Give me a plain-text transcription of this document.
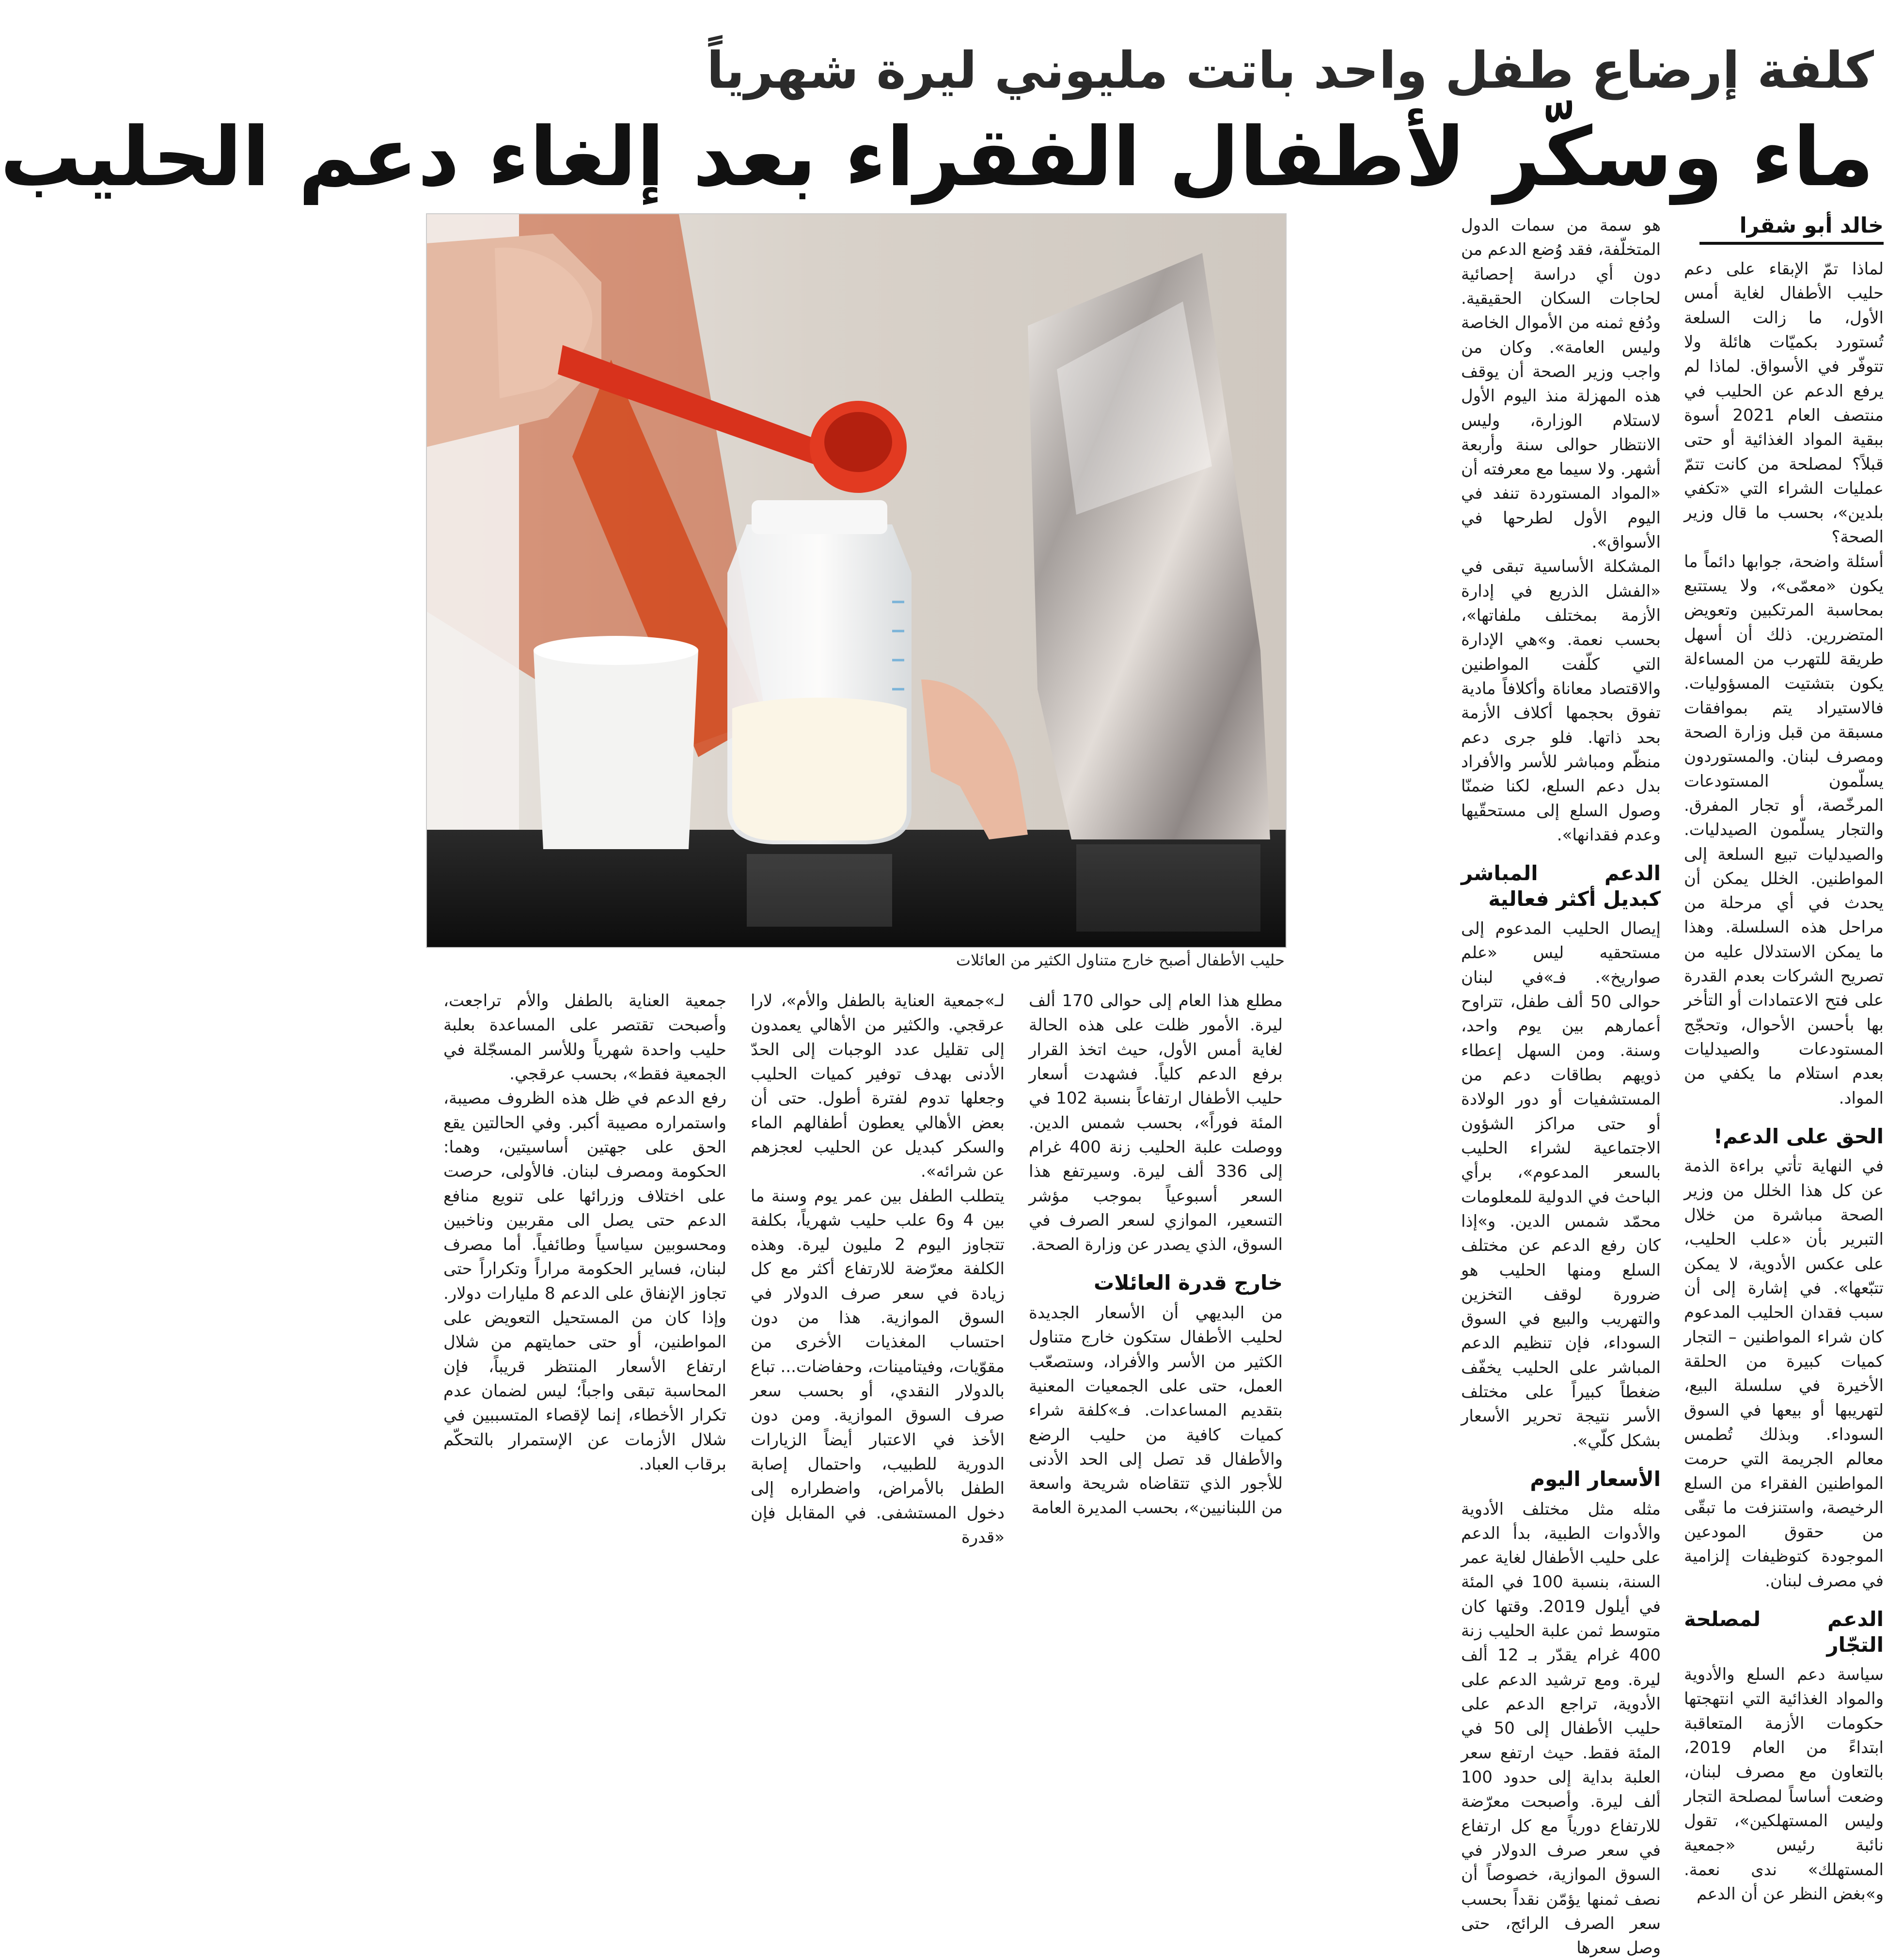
كلفة إرضاع طفل واحد باتت مليوني ليرة شهرياً
ماء وسكّر لأطفال الفقراء بعد إلغاء دعم الحليب
خالد أبو شقرا

لماذا تمّ الإبقاء على دعم حليب الأطفال لغاية أمس الأول، ما زالت السلعة تُستورد بكميّات هائلة ولا تتوفّر في الأسواق. لماذا لم يرفع الدعم عن الحليب في منتصف العام 2021 أسوة ببقية المواد الغذائية أو حتى قبلاً؟ لمصلحة من كانت تتمّ عمليات الشراء التي «تكفي بلدين»، بحسب ما قال وزير الصحة؟

أسئلة واضحة، جوابها دائماً ما يكون «معمّى»، ولا يستتبع بمحاسبة المرتكبين وتعويض المتضررين. ذلك أن أسهل طريقة للتهرب من المساءلة يكون بتشتيت المسؤوليات. فالاستيراد يتم بموافقات مسبقة من قبل وزارة الصحة ومصرف لبنان. والمستوردون يسلّمون المستودعات المرخّصة، أو تجار المفرق. والتجار يسلّمون الصيدليات. والصيدليات تبيع السلعة إلى المواطنين. الخلل يمكن أن يحدث في أي مرحلة من مراحل هذه السلسلة. وهذا ما يمكن الاستدلال عليه من تصريح الشركات بعدم القدرة على فتح الاعتمادات أو التأخر بها بأحسن الأحوال، وتحجّج المستودعات والصيدليات بعدم استلام ما يكفي من المواد.

الحق على الدعم!

في النهاية تأتي براءة الذمة عن كل هذا الخلل من وزير الصحة مباشرة من خلال التبرير بأن «علب الحليب، على عكس الأدوية، لا يمكن تتبّعها». في إشارة إلى أن سبب فقدان الحليب المدعوم كان شراء المواطنين – التجار كميات كبيرة من الحلقة الأخيرة في سلسلة البيع، لتهريبها أو بيعها في السوق السوداء. وبذلك تُطمس معالم الجريمة التي حرمت المواطنين الفقراء من السلع الرخيصة، واستنزفت ما تبقّى من حقوق المودعين الموجودة كتوظيفات إلزامية في مصرف لبنان.

الدعم لمصلحة التجّار

سياسة دعم السلع والأدوية والمواد الغذائية التي انتهجتها حكومات الأزمة المتعاقبة ابتداءً من العام 2019، بالتعاون مع مصرف لبنان، وضعت أساساً لمصلحة التجار وليس المستهلكين»، تقول نائبة رئيس «جمعية المستهلك» ندى نعمة. و»بغض النظر عن أن الدعم

هو سمة من سمات الدول المتخلّفة، فقد وُضع الدعم من دون أي دراسة إحصائية لحاجات السكان الحقيقية. ودُفع ثمنه من الأموال الخاصة وليس العامة». وكان من واجب وزير الصحة أن يوقف هذه المهزلة منذ اليوم الأول لاستلام الوزارة، وليس الانتظار حوالى سنة وأربعة أشهر. ولا سيما مع معرفته أن «المواد المستوردة تنفد في اليوم الأول لطرحها في الأسواق».

المشكلة الأساسية تبقى في «الفشل الذريع في إدارة الأزمة بمختلف ملفاتها»، بحسب نعمة. و»هي الإدارة التي كلّفت المواطنين والاقتصاد معاناة وأكلافاً مادية تفوق بحجمها أكلاف الأزمة بحد ذاتها. فلو جرى دعم منظّم ومباشر للأسر والأفراد بدل دعم السلع، لكنا ضمنّا وصول السلع إلى مستحقّيها وعدم فقدانها».

الدعم المباشر كبديل أكثر فعالية

إيصال الحليب المدعوم إلى مستحقيه ليس «علم صواريخ». فـ»في لبنان حوالى 50 ألف طفل، تتراوح أعمارهم بين يوم واحد، وسنة. ومن السهل إعطاء ذويهم بطاقات دعم من المستشفيات أو دور الولادة أو حتى مراكز الشؤون الاجتماعية لشراء الحليب بالسعر المدعوم»، برأي الباحث في الدولية للمعلومات محمّد شمس الدين. و»إذا كان رفع الدعم عن مختلف السلع ومنها الحليب هو ضرورة لوقف التخزين والتهريب والبيع في السوق السوداء، فإن تنظيم الدعم المباشر على الحليب يخفّف ضغطاً كبيراً على مختلف الأسر نتيجة تحرير الأسعار بشكل كلّي».

الأسعار اليوم

مثله مثل مختلف الأدوية والأدوات الطبية، بدأ الدعم على حليب الأطفال لغاية عمر السنة، بنسبة 100 في المئة في أيلول 2019. وقتها كان متوسط ثمن علبة الحليب زنة 400 غرام يقدّر بـ 12 ألف ليرة. ومع ترشيد الدعم على الأدوية، تراجع الدعم على حليب الأطفال إلى 50 في المئة فقط. حيث ارتفع سعر العلبة بداية إلى حدود 100 ألف ليرة. وأصبحت معرّضة للارتفاع دورياً مع كل ارتفاع في سعر صرف الدولار في السوق الموازية، خصوصاً أن نصف ثمنها يؤمّن نقداً بحسب سعر الصرف الرائج، حتى وصل سعرها

حليب الأطفال أصبح خارج متناول الكثير من العائلات

مطلع هذا العام إلى حوالى 170 ألف ليرة. الأمور ظلت على هذه الحالة لغاية أمس الأول، حيث اتخذ القرار برفع الدعم كلياً. فشهدت أسعار حليب الأطفال ارتفاعاً بنسبة 102 في المئة فوراً»، بحسب شمس الدين. ووصلت علبة الحليب زنة 400 غرام إلى 336 ألف ليرة. وسيرتفع هذا السعر أسبوعياً بموجب مؤشر التسعير، الموازي لسعر الصرف في السوق، الذي يصدر عن وزارة الصحة.

خارج قدرة العائلات

من البديهي أن الأسعار الجديدة لحليب الأطفال ستكون خارج متناول الكثير من الأسر والأفراد، وستصعّب العمل، حتى على الجمعيات المعنية بتقديم المساعدات. فـ»كلفة شراء كميات كافية من حليب الرضع والأطفال قد تصل إلى الحد الأدنى للأجور الذي تتقاضاه شريحة واسعة من اللبنانيين»، بحسب المديرة العامة

لـ»جمعية العناية بالطفل والأم»، لارا عرقجي. والكثير من الأهالي يعمدون إلى تقليل عدد الوجبات إلى الحدّ الأدنى بهدف توفير كميات الحليب وجعلها تدوم لفترة أطول. حتى أن بعض الأهالي يعطون أطفالهم الماء والسكر كبديل عن الحليب لعجزهم عن شرائه».

يتطلب الطفل بين عمر يوم وسنة ما بين 4 و6 علب حليب شهرياً، بكلفة تتجاوز اليوم 2 مليون ليرة. وهذه الكلفة معرّضة للارتفاع أكثر مع كل زيادة في سعر صرف الدولار في السوق الموازية. هذا من دون احتساب المغذيات الأخرى من مقوّيات، وفيتامينات، وحفاضات... تباع بالدولار النقدي، أو بحسب سعر صرف السوق الموازية. ومن دون الأخذ في الاعتبار أيضاً الزيارات الدورية للطبيب، واحتمال إصابة الطفل بالأمراض، واضطراره إلى دخول المستشفى. في المقابل فإن «قدرة

جمعية العناية بالطفل والأم تراجعت، وأصبحت تقتصر على المساعدة بعلبة حليب واحدة شهرياً وللأسر المسجّلة في الجمعية فقط»، بحسب عرقجي.

رفع الدعم في ظل هذه الظروف مصيبة، واستمراره مصيبة أكبر. وفي الحالتين يقع الحق على جهتين أساسيتين، وهما: الحكومة ومصرف لبنان. فالأولى، حرصت على اختلاف وزرائها على تنويع منافع الدعم حتى يصل الى مقربين وناخبين ومحسوبين سياسياً وطائفياً. أما مصرف لبنان، فساير الحكومة مراراً وتكراراً حتى تجاوز الإنفاق على الدعم 8 مليارات دولار. وإذا كان من المستحيل التعويض على المواطنين، أو حتى حمايتهم من شلال ارتفاع الأسعار المنتظر قريباً، فإن المحاسبة تبقى واجباً؛ ليس لضمان عدم تكرار الأخطاء، إنما لإقصاء المتسببين في شلال الأزمات عن الإستمرار بالتحكّم برقاب العباد.
